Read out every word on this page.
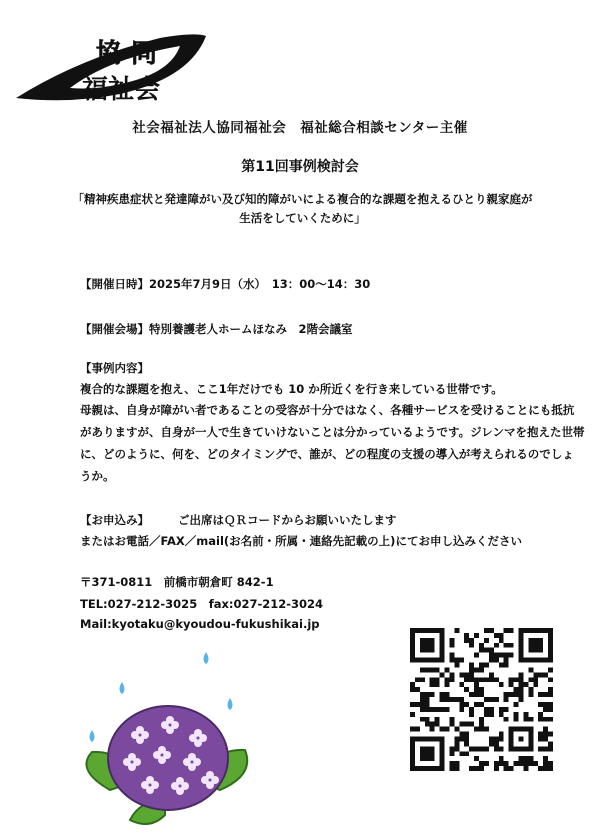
協 同
福祉会
社会福祉法人協同福祉会　福祉総合相談センター主催
第11回事例検討会
「精神疾患症状と発達障がい及び知的障がいによる複合的な課題を抱えるひとり親家庭が
生活をしていくために」
【開催日時】2025年7月9日（水）　13：00～14：30
【開催会場】特別養護老人ホームほなみ　2階会議室
【事例内容】
複合的な課題を抱え、ここ1年だけでも 10 か所近くを行き来している世帯です。
母親は、自身が障がい者であることの受容が十分ではなく、各種サービスを受けることにも抵抗がありますが、自身が一人で生きていけないことは分かっているようです。ジレンマを抱えた世帯に、どのように、何を、どのタイミングで、誰が、どの程度の支援の導入が考えられるのでしょうか。
【お申込み】	ご出席はＱＲコードからお願いいたします
またはお電話／FAX／mail(お名前・所属・連絡先記載の上)にてお申し込みください
〒371-0811　前橋市朝倉町 842-1
TEL:027-212-3025　fax:027-212-3024
Mail:kyotaku@kyoudou-fukushikai.jp
